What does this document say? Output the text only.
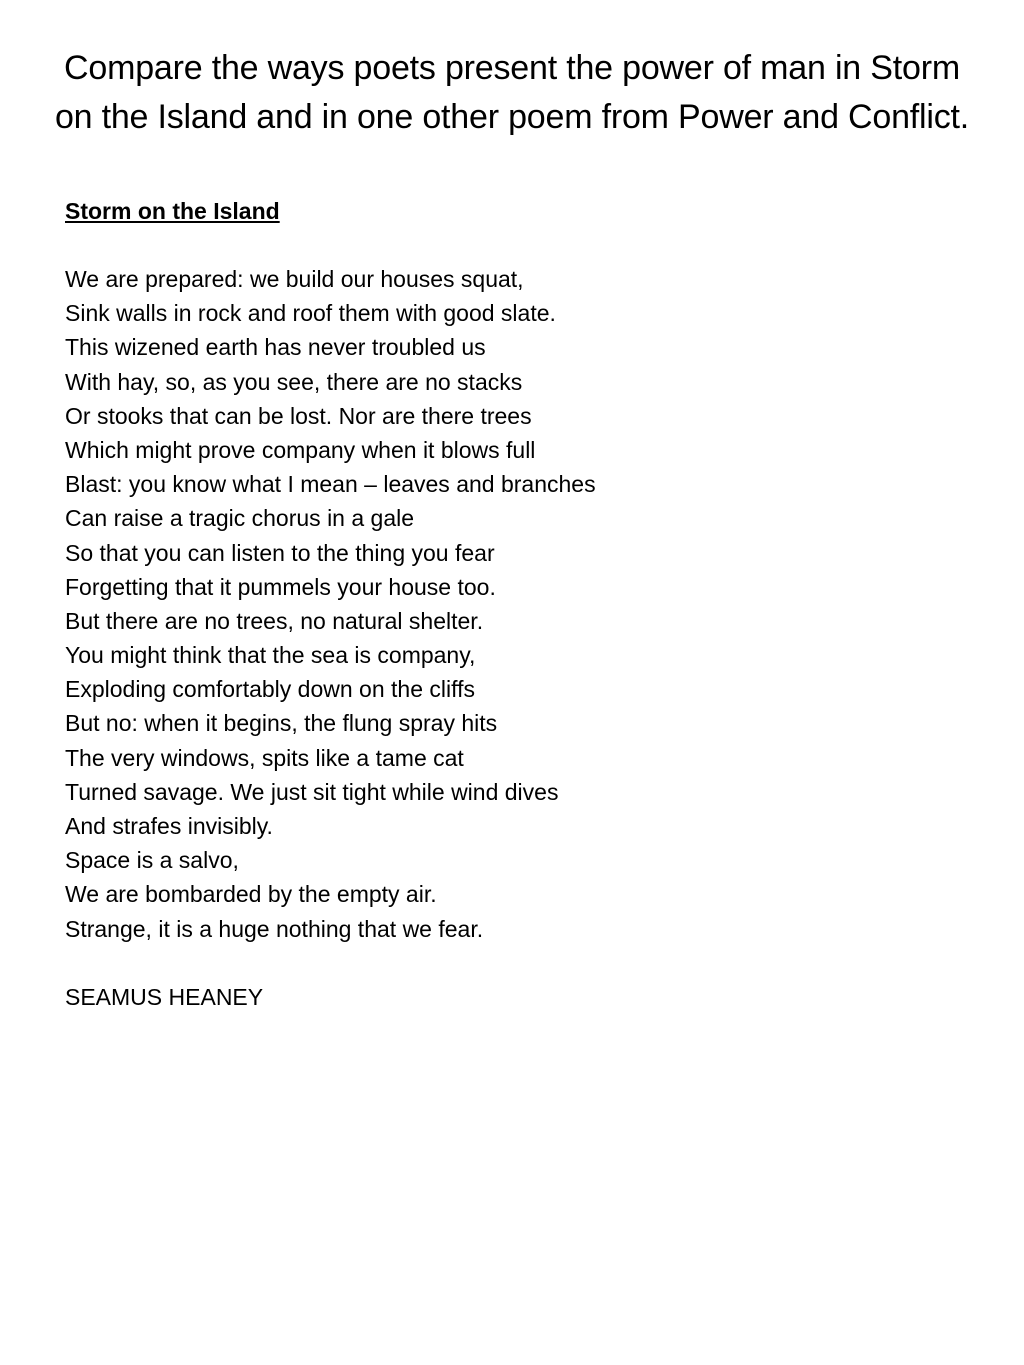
Compare the ways poets present the power of man in Storm on the Island and in one other poem from Power and Conflict.
Storm on the Island
We are prepared: we build our houses squat,
Sink walls in rock and roof them with good slate.
This wizened earth has never troubled us
With hay, so, as you see, there are no stacks
Or stooks that can be lost. Nor are there trees
Which might prove company when it blows full
Blast: you know what I mean – leaves and branches
Can raise a tragic chorus in a gale
So that you can listen to the thing you fear
Forgetting that it pummels your house too.
But there are no trees, no natural shelter.
You might think that the sea is company,
Exploding comfortably down on the cliffs
But no: when it begins, the flung spray hits
The very windows, spits like a tame cat
Turned savage. We just sit tight while wind dives
And strafes invisibly.
Space is a salvo,
We are bombarded by the empty air.
Strange, it is a huge nothing that we fear.

SEAMUS HEANEY
